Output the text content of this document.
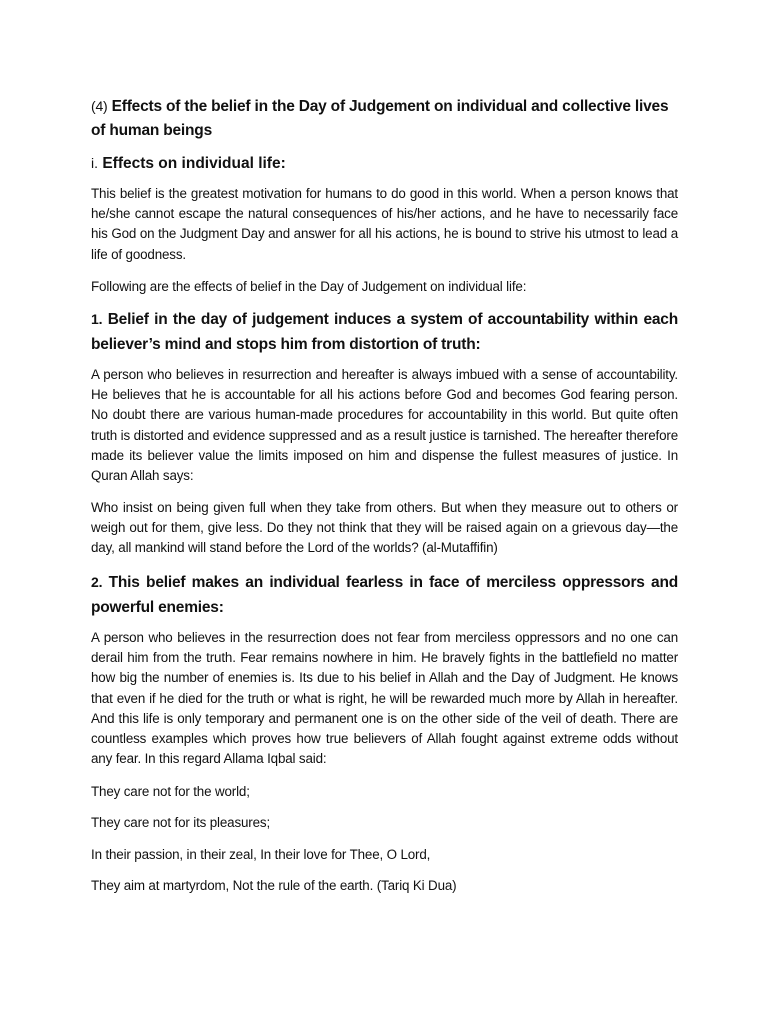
(4) Effects of the belief in the Day of Judgement on individual and collective lives of human beings
i. Effects on individual life:

This belief is the greatest motivation for humans to do good in this world. When a person knows that he/she cannot escape the natural consequences of his/her actions, and he have to necessarily face his God on the Judgment Day and answer for all his actions, he is bound to strive his utmost to lead a life of goodness.

Following are the effects of belief in the Day of Judgement on individual life:

1. Belief in the day of judgement induces a system of accountability within each believer’s mind and stops him from distortion of truth:

A person who believes in resurrection and hereafter is always imbued with a sense of accountability. He believes that he is accountable for all his actions before God and becomes God fearing person. No doubt there are various human-made procedures for accountability in this world. But quite often truth is distorted and evidence suppressed and as a result justice is tarnished. The hereafter therefore made its believer value the limits imposed on him and dispense the fullest measures of justice. In Quran Allah says:

Who insist on being given full when they take from others. But when they measure out to others or weigh out for them, give less. Do they not think that they will be raised again on a grievous day—the day, all mankind will stand before the Lord of the worlds? (al-Mutaffifin)

2. This belief makes an individual fearless in face of merciless oppressors and powerful enemies:

A person who believes in the resurrection does not fear from merciless oppressors and no one can derail him from the truth. Fear remains nowhere in him. He bravely fights in the battlefield no matter how big the number of enemies is. Its due to his belief in Allah and the Day of Judgment. He knows that even if he died for the truth or what is right, he will be rewarded much more by Allah in hereafter. And this life is only temporary and permanent one is on the other side of the veil of death. There are countless examples which proves how true believers of Allah fought against extreme odds without any fear. In this regard Allama Iqbal said:

They care not for the world;

They care not for its pleasures;

In their passion, in their zeal, In their love for Thee, O Lord,

They aim at martyrdom, Not the rule of the earth. (Tariq Ki Dua)
